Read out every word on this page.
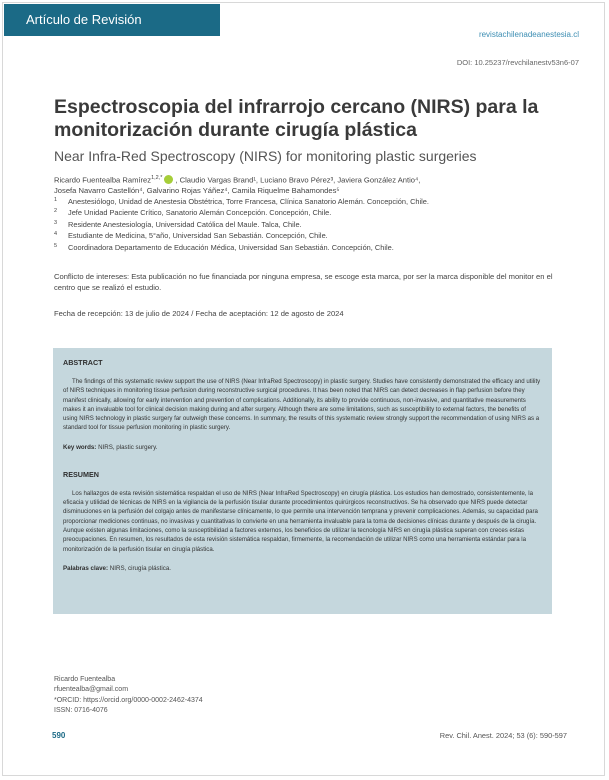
Artículo de Revisión
revistachilenadeanestesia.cl
DOI: 10.25237/revchilanestv53n6-07
Espectroscopia del infrarrojo cercano (NIRS) para la monitorización durante cirugía plástica
Near Infra-Red Spectroscopy (NIRS) for monitoring plastic surgeries
Ricardo Fuentealba Ramírez$^{1,2,*}$ , Claudio Vargas Brand¹, Luciano Bravo Pérez³, Javiera González Antio⁴,
Josefa Navarro Castellón⁴, Galvarino Rojas Yáñez⁴, Camila Riquelme Bahamondes⁵
1 Anestesiólogo, Unidad de Anestesia Obstétrica, Torre Francesa, Clínica Sanatorio Alemán. Concepción, Chile.
2 Jefe Unidad Paciente Crítico, Sanatorio Alemán Concepción. Concepción, Chile.
3 Residente Anestesiología, Universidad Católica del Maule. Talca, Chile.
4 Estudiante de Medicina, 5°año, Universidad San Sebastián. Concepción, Chile.
5 Coordinadora Departamento de Educación Médica, Universidad San Sebastián. Concepción, Chile.
Conflicto de intereses: Esta publicación no fue financiada por ninguna empresa, se escoge esta marca, por ser la marca disponible del monitor en el centro que se realizó el estudio.
Fecha de recepción: 13 de julio de 2024 / Fecha de aceptación: 12 de agosto de 2024
ABSTRACT

The findings of this systematic review support the use of NIRS (Near InfraRed Spectroscopy) in plastic surgery. Studies have consistently demonstrated the efficacy and utility of NIRS techniques in monitoring tissue perfusion during reconstructive surgical procedures. It has been noted that NIRS can detect decreases in flap perfusion before they manifest clinically, allowing for early intervention and prevention of complications. Additionally, its ability to provide continuous, non-invasive, and quantitative measurements makes it an invaluable tool for clinical decision making during and after surgery. Although there are some limitations, such as susceptibility to external factors, the benefits of using NIRS technology in plastic surgery far outweigh these concerns. In summary, the results of this systematic review strongly support the recommendation of using NIRS as a standard tool for tissue perfusion monitoring in plastic surgery.

Key words: NIRS, plastic surgery.
RESUMEN

Los hallazgos de esta revisión sistemática respaldan el uso de NIRS (Near InfraRed Spectroscopy) en cirugía plástica. Los estudios han demostrado, consistentemente, la eficacia y utilidad de técnicas de NIRS en la vigilancia de la perfusión tisular durante procedimientos quirúrgicos reconstructivos. Se ha observado que NIRS puede detectar disminuciones en la perfusión del colgajo antes de manifestarse clínicamente, lo que permite una intervención temprana y prevenir complicaciones. Además, su capacidad para proporcionar mediciones continuas, no invasivas y cuantitativas lo convierte en una herramienta invaluable para la toma de decisiones clínicas durante y después de la cirugía. Aunque existen algunas limitaciones, como la susceptibilidad a factores externos, los beneficios de utilizar la tecnología NIRS en cirugía plástica superan con creces estas preocupaciones. En resumen, los resultados de esta revisión sistemática respaldan, firmemente, la recomendación de utilizar NIRS como una herramienta estándar para la monitorización de la perfusión tisular en cirugía plástica.

Palabras clave: NIRS, cirugía plástica.
Ricardo Fuentealba
rfuentealba@gmail.com
*ORCID: https://orcid.org/0000-0002-2462-4374
ISSN: 0716-4076
590	Rev. Chil. Anest. 2024; 53 (6): 590-597
